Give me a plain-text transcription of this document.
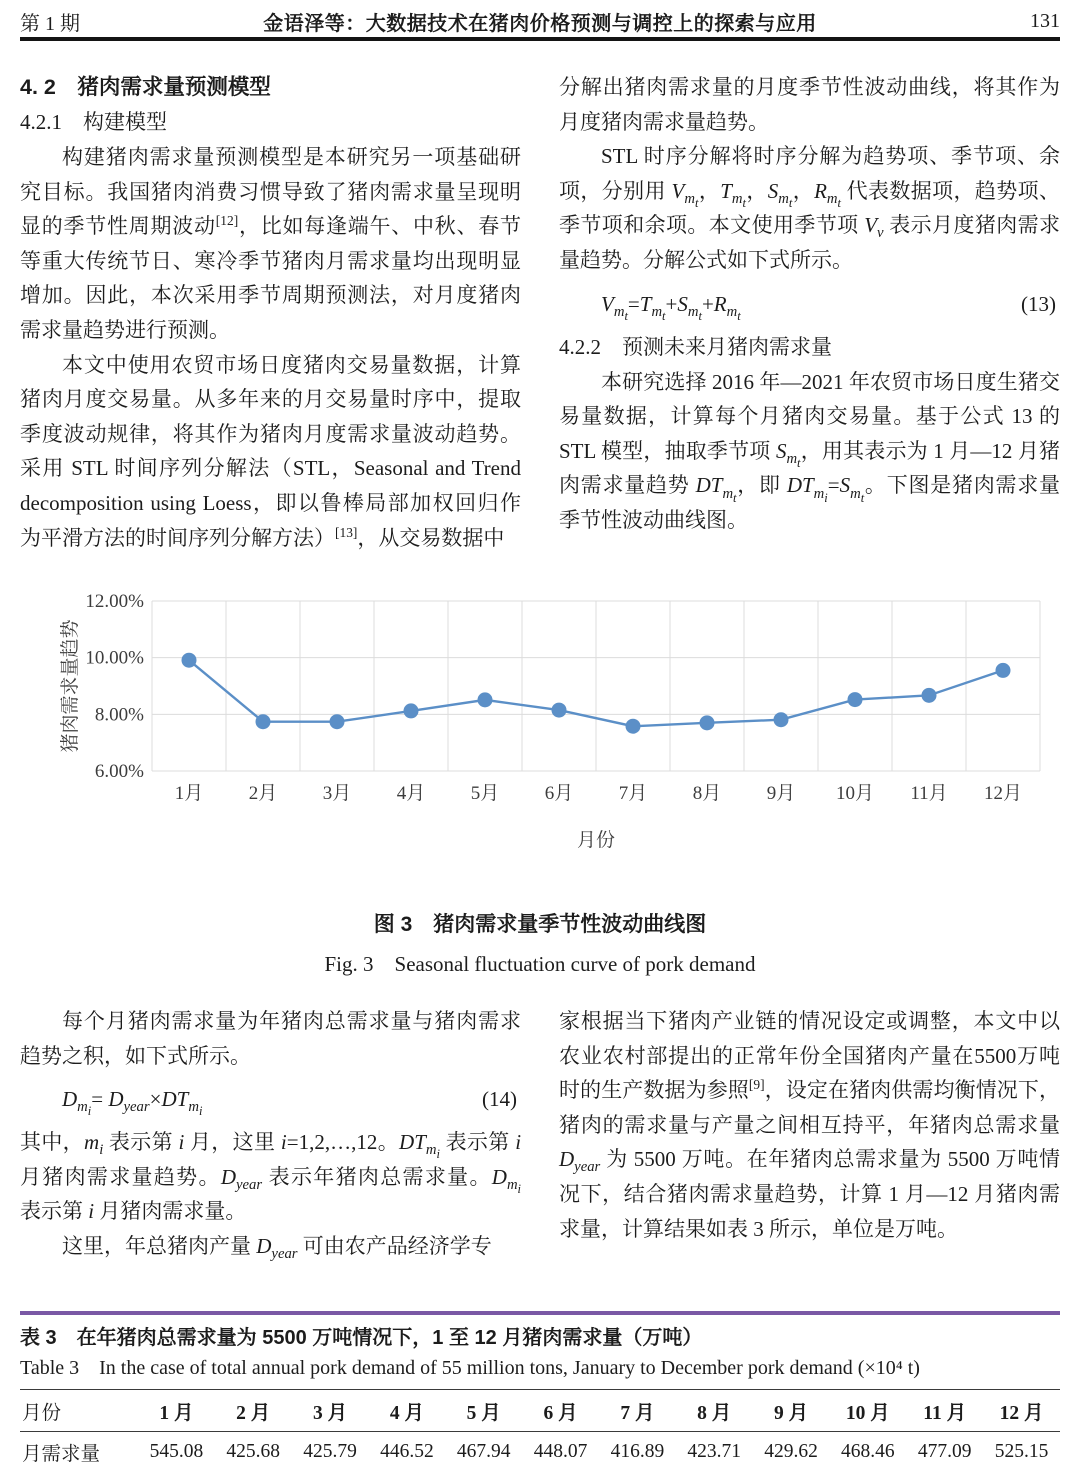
第 1 期	金语泽等：大数据技术在猪肉价格预测与调控上的探索与应用	131
4. 2　猪肉需求量预测模型
4.2.1　构建模型

构建猪肉需求量预测模型是本研究另一项基础研究目标。我国猪肉消费习惯导致了猪肉需求量呈现明显的季节性周期波动[12]，比如每逢端午、中秋、春节等重大传统节日、寒冷季节猪肉月需求量均出现明显增加。因此，本次采用季节周期预测法，对月度猪肉需求量趋势进行预测。

本文中使用农贸市场日度猪肉交易量数据，计算猪肉月度交易量。从多年来的月交易量时序中，提取季度波动规律，将其作为猪肉月度需求量波动趋势。采用 STL 时间序列分解法（STL，Seasonal and Trend decomposition using Loess，即以鲁棒局部加权回归作为平滑方法的时间序列分解方法）[13]，从交易数据中

分解出猪肉需求量的月度季节性波动曲线，将其作为月度猪肉需求量趋势。

STL 时序分解将时序分解为趋势项、季节项、余项，分别用 $V_{m_t}$，$T_{m_t}$，$S_{m_t}$，$R_{m_t}$ 代表数据项，趋势项、季节项和余项。本文使用季节项 $V_v$ 表示月度猪肉需求量趋势。分解公式如下式所示。

$V_{m_t}=T_{m_t}+S_{m_t}+R_{m_t}$
(13)
4.2.2　预测未来月猪肉需求量

本研究选择 2016 年—2021 年农贸市场日度生猪交易量数据，计算每个月猪肉交易量。基于公式 13 的 STL 模型，抽取季节项 $S_{m_t}$，用其表示为 1 月—12 月猪肉需求量趋势 $DT_{m_t}$，即 $DT_{m_i}=S_{m_t}$。下图是猪肉需求量季节性波动曲线图。

6.00%
8.00%
10.00%
12.00%
1月 2月 3月 4月 5月 6月 7月 8月 9月 10月 11月 12月
猪肉需求量趋势
月份

图 3　猪肉需求量季节性波动曲线图

Fig. 3　Seasonal fluctuation curve of pork demand

每个月猪肉需求量为年猪肉总需求量与猪肉需求趋势之积，如下式所示。

$D_{m_i}= D_{year}\times DT_{m_i}$
(14)

其中，$m_i$ 表示第 i 月，这里 i=1,2,…,12。$DT_{m_i}$ 表示第 i 月猪肉需求量趋势。$D_{year}$ 表示年猪肉总需求量。$D_{m_i}$ 表示第 i 月猪肉需求量。

这里，年总猪肉产量 $D_{year}$ 可由农产品经济学专

家根据当下猪肉产业链的情况设定或调整，本文中以农业农村部提出的正常年份全国猪肉产量在5500万吨时的生产数据为参照[9]，设定在猪肉供需均衡情况下，猪肉的需求量与产量之间相互持平，年猪肉总需求量 $D_{year}$ 为 5500 万吨。在年猪肉总需求量为 5500 万吨情况下，结合猪肉需求量趋势，计算 1 月—12 月猪肉需求量，计算结果如表 3 所示，单位是万吨。

表 3　在年猪肉总需求量为 5500 万吨情况下，1 至 12 月猪肉需求量（万吨）

Table 3　In the case of total annual pork demand of 55 million tons, January to December pork demand (×10⁴ t)

月份	1 月	2 月	3 月	4 月	5 月	6 月	7 月	8 月	9 月	10 月	11 月	12 月
月需求量	545.08	425.68	425.79	446.52	467.94	448.07	416.89	423.71	429.62	468.46	477.09	525.15
